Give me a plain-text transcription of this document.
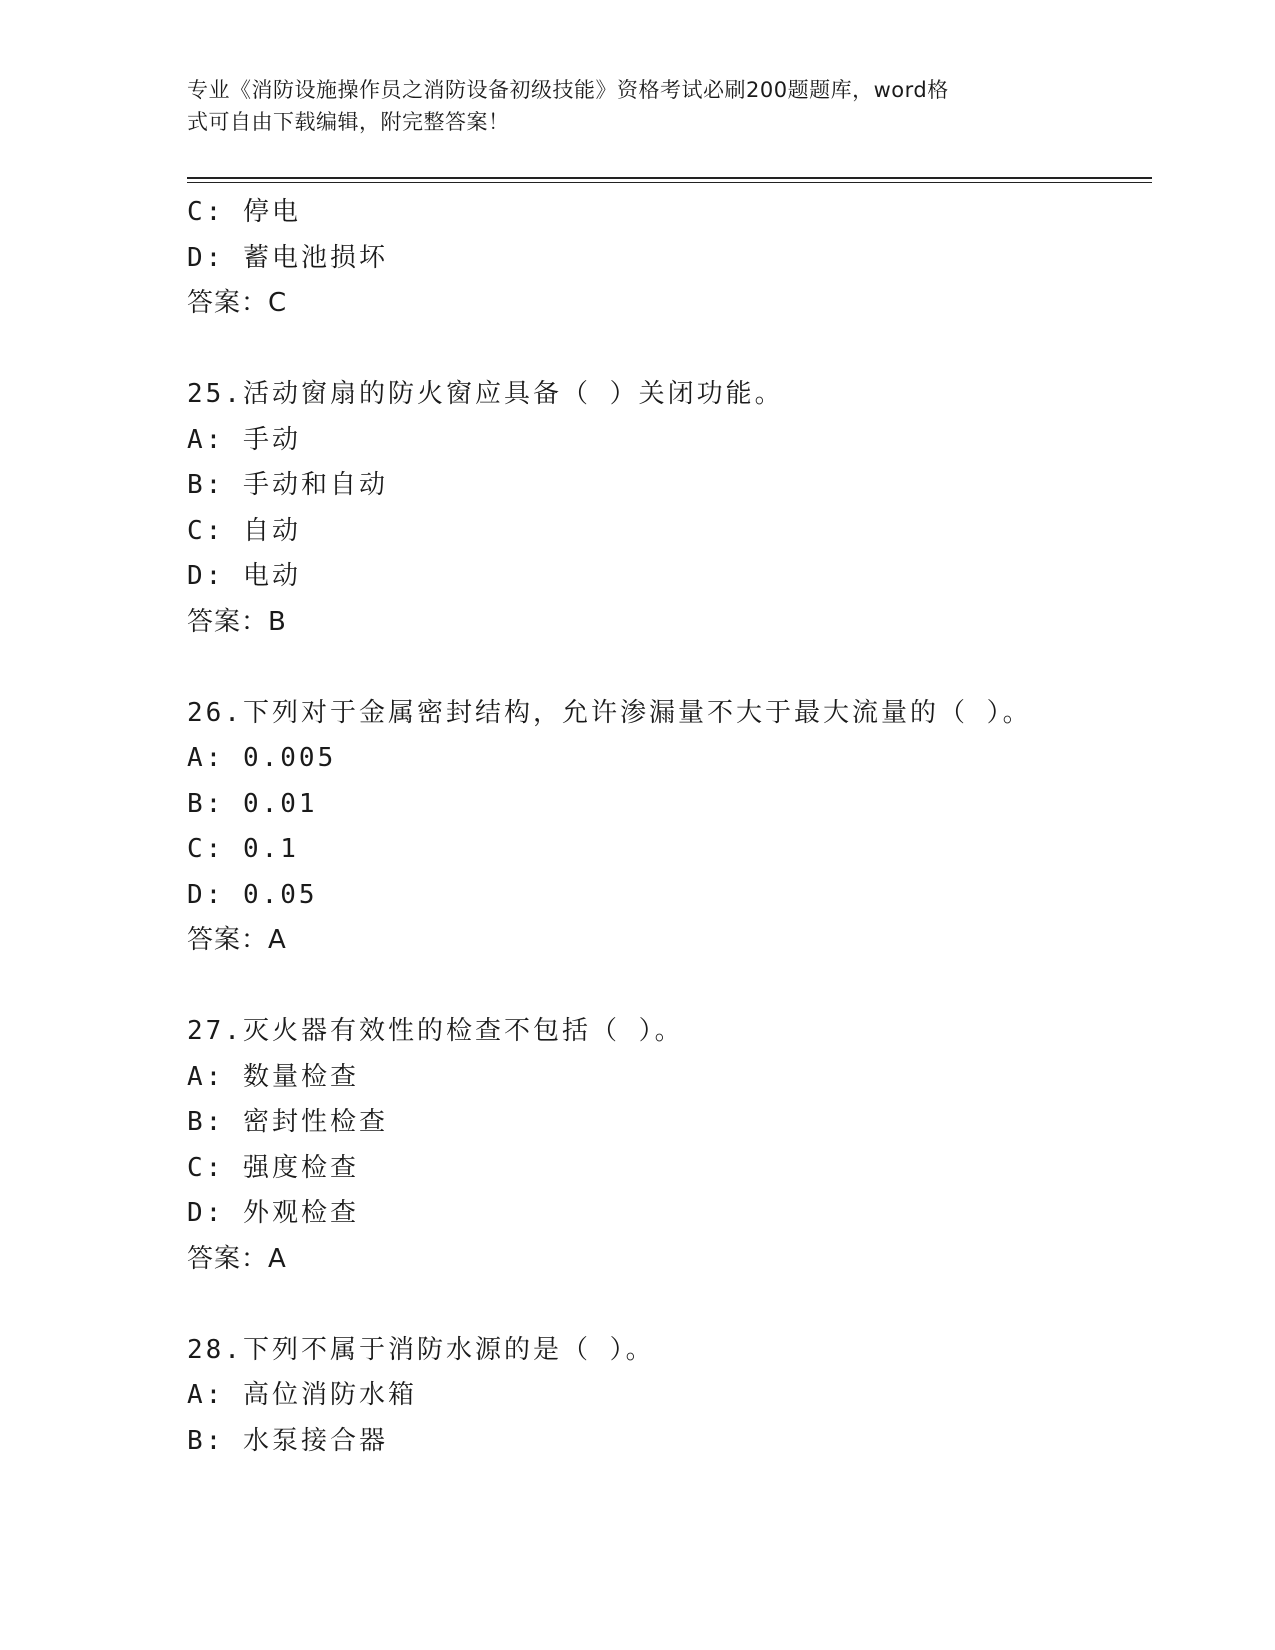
专业《消防设施操作员之消防设备初级技能》资格考试必刷200题题库，word格
式可自由下载编辑，附完整答案！
C: 停电
D: 蓄电池损坏
答案：C
25.活动窗扇的防火窗应具备（ ）关闭功能。
A: 手动
B: 手动和自动
C: 自动
D: 电动
答案：B
26.下列对于金属密封结构，允许渗漏量不大于最大流量的（ ）。
A: 0.005
B: 0.01
C: 0.1
D: 0.05
答案：A
27.灭火器有效性的检查不包括（ ）。
A: 数量检查
B: 密封性检查
C: 强度检查
D: 外观检查
答案：A
28.下列不属于消防水源的是（ ）。
A: 高位消防水箱
B: 水泵接合器
